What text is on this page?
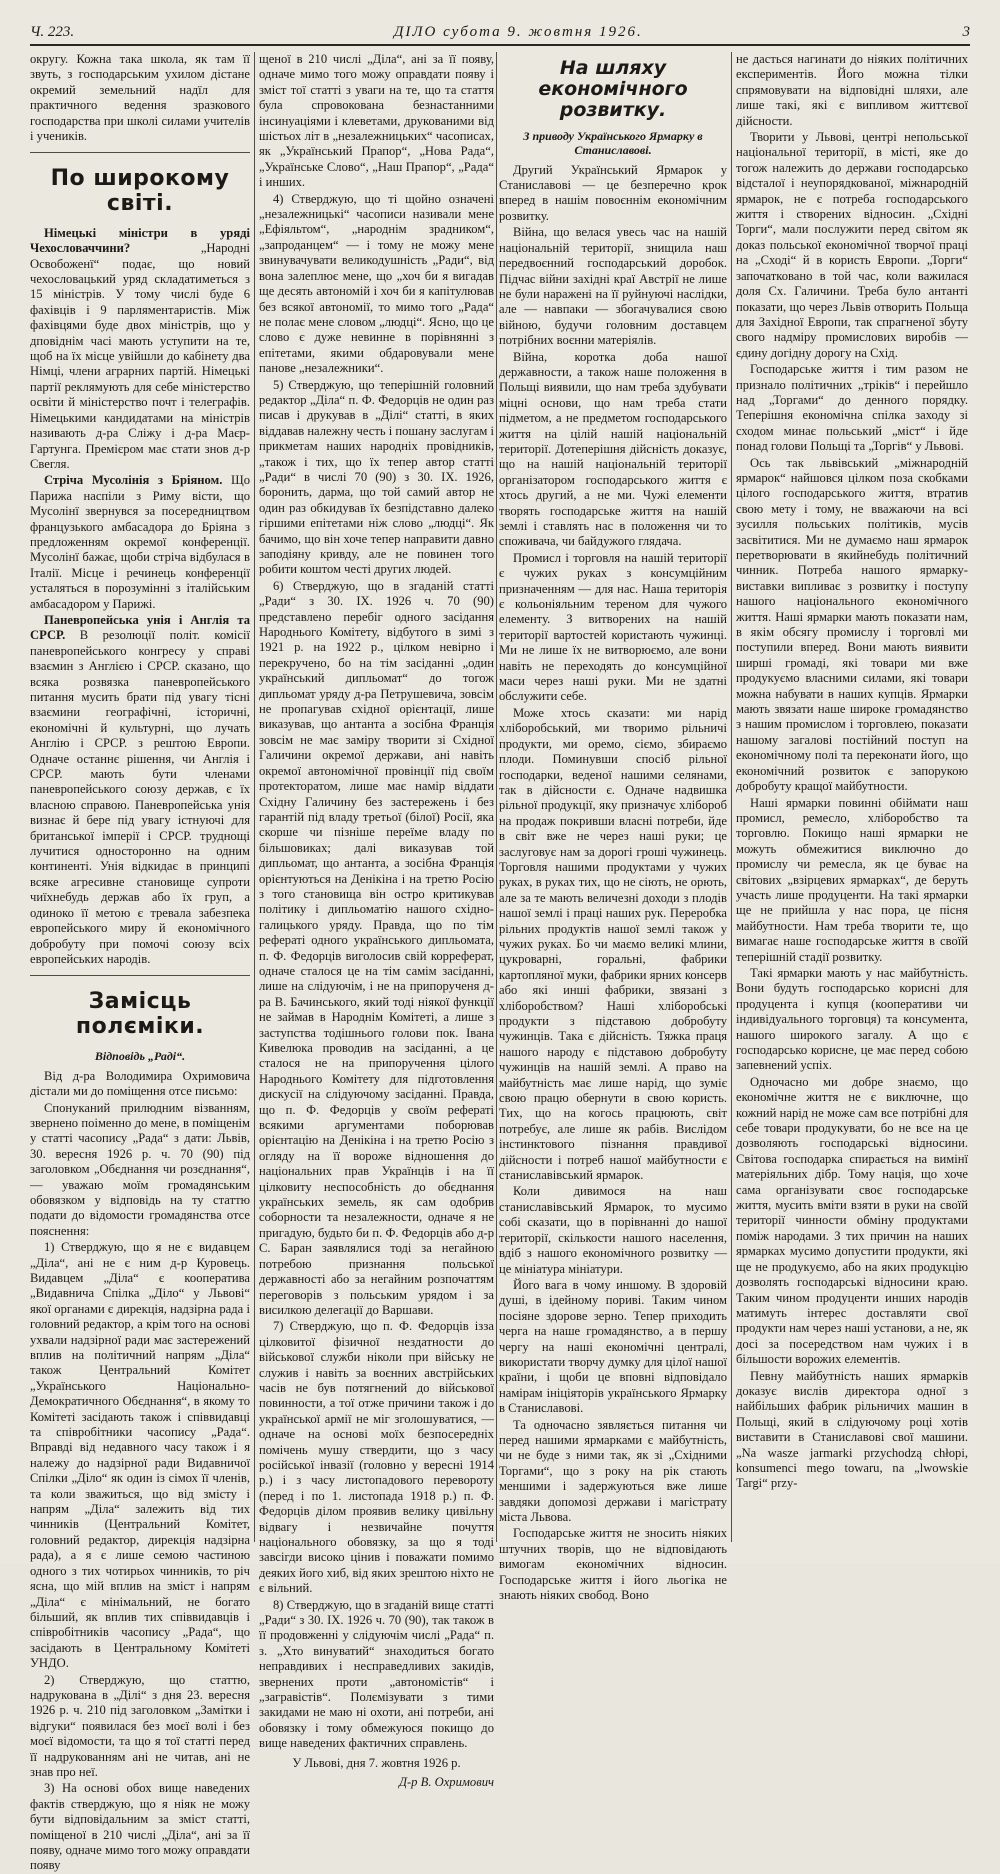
Ч. 223.	ДІЛО субота 9. жовтня 1926.	3

округу. Кожна така школа, як там її звуть, з господарським ухилом дістане окремий земельний надїл для практичного ведення зразкового господарства при школі силами учителів і учеників.

По широкому світі.

Німецькі міністри в уряді Чехословаччини? „Народні Освобоженї“ подає, що новий чехословацький уряд складатиметься з 15 міністрів. У тому числі буде 6 фахівців і 9 парляментаристів. Між фахівцями буде двох міністрів, що у дповіднім часі мають уступити на те, щоб на їх місце увійшли до кабінету два Німці, члени аграрних партій. Німецькі партії реклямують для себе міністерство освіти й міністерство почт і телеграфів. Німецькими кандидатами на міністрів називають д-ра Сліжу і д-ра Маєр-Гартунга. Премієром має стати знов д-р Свегля.

Стріча Мусолінія з Бріяном. Що Парижа наспіли з Риму вісти, що Мусолінї звернувся за посередництвом французького амбасадора до Бріяна з предложенням окремої конференції. Мусолінї бажає, щоби стріча відбулася в Італії. Місце і речинець конференції усталяться в порозумінні з італійським амбасадором у Парижі.

Паневропейська унія і Англія та СРСР. В резолюції політ. комісії паневропейського конгресу у справі взаємин з Англією і СРСР. сказано, що всяка розвязка паневропейського питання мусить брати під увагу тісні взаємини географічні, історичні, економічні й культурні, що лучать Англію і СРСР. з рештою Европи. Одначе останнє рішення, чи Англія і СРСР. мають бути членами паневропейського союзу держав, є їх власною справою. Паневропейська унія визнає й бере під увагу істнуючі для британської імперії і СРСР. труднощі лучитися односторонно на одним континенті. Унія відкидає в принципі всяке агресивне становище супроти чиїхнебудь держав або їх груп, а одиноко її метою є тревала забезпека европейського миру й економічного добробуту при помочі союзу всіх европейських народів.

Замісць полєміки.
Відповідь „Раді“.

Від д-ра Володимира Охримовича дістали ми до поміщення отсе письмо:

Спонуканий прилюдним візванням, звернено поіменно до мене, в поміщенім у статті часопису „Рада“ з дати: Львів, 30. вересня 1926 р. ч. 70 (90) під заголовком „Обєднання чи розєднання“, — уважаю моїм громадянським обовязком у відповідь на ту статтю подати до відомости громадянства отсе пояснення:

1) Стверджую, що я не є видавцем „Діла“, ані не є ним д-р Куровець. Видавцем „Діла“ є кооператива „Видавнича Спілка „Діло“ у Львові“ якої органами є дирекція, надзірна рада і головний редактор, а крім того на основі ухвали надзірної ради має застережений вплив на політичний напрям „Діла“ також Центральний Комітет „Українського Національно-Демократичного Обєднання“, в якому то Комітеті засідають також і співвидавці та співробітники часопису „Рада“. Вправді від недавного часу також і я належу до надзірної ради Видавничої Спілки „Діло“ як один із сімох її членів, та коли зважиться, що від змісту і напрям „Діла“ залежить від тих чинників (Центральний Комітет, головний редактор, дирекція надзірна рада), а я є лише семою частиною одного з тих чотирьох чинників, то річ ясна, що мій вплив на зміст і напрям „Діла“ є мінімальний, не богато більший, як вплив тих співвидавців і співробітників часопису „Рада“, що засідають в Центральному Комітеті УНДО.

2) Стверджую, що статтю, надрукована в „Ділі“ з дня 23. вересня 1926 р. ч. 210 під заголовком „Замітки і відгуки“ появилася без моєї волі і без моєї відомости, та що я тої статті перед її надрукованням ані не читав, ані не знав про неї.

3) На основі обох вище наведених фактів стверджую, що я ніяк не можу бути відповідальним за зміст статті, поміщеної в 210 числі „Діла“, ані за її появу, одначе мимо того можу оправдати появу

щеної в 210 числі „Діла“, ані за її появу, одначе мимо того можу оправдати появу і зміст тої статті з уваги на те, що та стаття була спровокована безнастанними інсинуаціями і клеветами, друкованими від шістьох літ в „незалежницьких“ часописах, як „Український Прапор“, „Нова Рада“, „Українське Слово“, „Наш Прапор“, „Рада“ і инших.

4) Стверджую, що ті щойно означені „незалежницькі“ часописи називали мене „Ефіяльтом“, „народнім зрадником“, „запроданцем“ — і тому не можу мене звинувачувати великодушність „Ради“, від вона залеплює мене, що „хоч би я вигадав ще десять автономій і хоч би я капітулював без всякої автономії, то мимо того „Рада“ не полає мене словом „людці“. Ясно, що це слово є дуже невинне в порівнянні з епітетами, якими обдаровували мене панове „незалежники“.

5) Стверджую, що теперішній головний редактор „Діла“ п. Ф. Федорців не один раз писав і друкував в „Ділі“ статті, в яких віддавав належну честь і пошану заслугам і прикметам наших народніх провідників, „також і тих, що їх тепер автор статті „Ради“ в числі 70 (90) з 30. IX. 1926, боронить, дарма, що той самий автор не один раз обкидував їх безпідставно далеко гіршими епітетами ніж слово „людці“. Як бачимо, що він хоче тепер направити давно заподіяну кривду, але не повинен того робити коштом честі других людей.

6) Стверджую, що в згаданій статті „Ради“ з 30. IX. 1926 ч. 70 (90) представлено перебіг одного засідання Народнього Комітету, відбутого в зимі з 1921 р. на 1922 р., цілком невірно і перекручено, бо на тім засіданні „один український дипльомат“ до тогож дипльомат уряду д-ра Петрушевича, зовсім не пропагував східної орієнтації, лише виказував, що антанта а зосібна Франція зовсім не має заміру творити зі Східної Галичини окремої держави, ані навіть окремої автономічної провінції під своїм протекторатом, лише має намір віддати Східну Галичину без застережень і без гарантій під владу третьої (білої) Росії, яка скорше чи пізніше переїме владу по більшовиках; далі виказував той дипльомат, що антанта, а зосібна Франція орієнтуються на Денікіна і на третю Росію з того становища він остро критикував політику і дипльоматію нашого східно-галицького уряду. Правда, що по тім рефераті одного українського дипльомата, п. Ф. Федорців виголосив свій корреферат, одначе сталося це на тім самім засіданні, лише на слідуючім, і не на припорученя д-ра В. Бачинського, який тоді ніякої функції не займав в Народнім Комітеті, а лише з заступства тодішнього голови пок. Івана Кивелюка проводив на засіданні, а це сталося не на припоручення цілого Народнього Комітету для підготовлення дискусії на слідуючому засіданні. Правда, що п. Ф. Федорців у своїм рефераті всякими аргументами поборював орієнтацію на Денікіна і на третю Росію з огляду на її вороже відношення до національних прав Українців і на її цілковиту неспособність до обєднання українських земель, як сам одобрив соборности та незалежности, одначе я не пригадую, будьто би п. Ф. Федорців або д-р С. Баран заявлялися тоді за негайною потребою признання польської державності або за негайним розпочаттям переговорів з польським урядом і за висилкою делегації до Варшави.

7) Стверджую, що п. Ф. Федорців ізза цілковитої фізичної нездатности до військової служби ніколи при війську не служив і навіть за воєнних австрійських часів не був потягнений до військової повинности, а тої отже причини також і до української армії не міг зголошуватися, — одначе на основі моїх безпосередніх помічень мушу ствердити, що з часу російської інвазії (головно у вересні 1914 р.) і з часу листопадового перевороту (перед і по 1. листопада 1918 р.) п. Ф. Федорців ділом проявив велику цивільну відвагу і незвичайне почуття національного обовязку, за що я тоді завсігди високо цінив і поважати помимо деяких його хиб, від яких зрештою ніхто не є вільний.

8) Стверджую, що в згаданій вище статті „Ради“ з 30. IX. 1926 ч. 70 (90), так також в її продовженні у слідуючім числі „Рада“ п. з. „Хто винуватий“ знаходиться богато неправдивих і несправедливих закидів, звернених проти „автономістів“ і „загравістів“. Полємізувати з тими закидами не маю ні охоти, ані потреби, ані обовязку і тому обмежуюся покищо до вище наведених фактичних справлень.

У Львові, дня 7. жовтня 1926 р.
Д-р В. Охримович
На шляху економічного розвитку.
З приводу Українського Ярмарку в Станиславові.

Другий Український Ярмарок у Станиславові — це безперечно крок вперед в нашім повоєннім економічним розвитку.

Війна, що велася увесь час на нашій національній території, знищила наш передвоєнний господарський доробок. Підчас війни західні краї Австрії не лише не були нараженi на її руйнуючі наслідки, але — навпаки — збогачувалися свою війною, будучи головним доставцем потрібних воєнни матеріялів.

Війна, коротка доба нашої державности, а також наше положення в Польщі виявили, що нам треба здубувати міцні основи, що нам треба стати підметом, а не предметом господарського життя на цілій нашій національній території. Дотеперішня дійсність доказує, що на нашій національній території організатором господарського життя є хтось другий, а не ми. Чужі елементи творять господарське життя на нашій землі і ставлять нас в положення чи то споживача, чи байдужого глядача.

Промисл і торговля на нашій території є чужих руках з консумційним призначенням — для нас. Наша територія є кольоніяльним тереном для чужого елементу. З витворених на нашій території вартостей користають чужинці. Ми не лише їх не витворюємо, але вони навіть не переходять до консумційної маси через наші руки. Ми не здатні обслужити себе.

Може хтось сказати: ми нарід хліборобський, ми творимо рільничі продукти, ми оремо, сіємо, збираємо плоди. Поминувши спосіб рільної господарки, веденої нашими селянами, так в дійсности є. Одначе надвишка рільної продукції, яку призначує хлібороб на продаж покривши власні потреби, йде в світ вже не через наші руки; це заслуговує нам за дорогі гроші чужинець. Торговля нашими продуктами у чужих руках, в руках тих, що не сіють, не орють, але за те мають величезні доходи з плодів нашої землі і праці наших рук. Переробка рільних продуктів нашої землі також у чужих руках. Бо чи маємо великі млини, цукроварні, горальні, фабрики картопляної муки, фабрики ярних консерв або які инші фабрики, звязані з хліборобством? Наші хліборобські продукти з підставою добробуту чужинців. Така є дійсність. Тяжка праця нашого народу є підставою добробуту чужинців на нашій землі. А право на майбутність має лише нарід, що зуміє свою працю обернути в свою користь. Тих, що на когось працюють, світ потребує, але лише як рабів. Вислідом інстинктового пізнання правдивої дійсности і потреб нашої майбутности є станиславівський ярмарок.

Коли дивимося на наш станиславівський Ярмарок, то мусимо собі сказати, що в порівнанні до нашої території, скількости нашого населення, вдіб з нашого економічного розвитку — це мініатура мініатури.

Його вага в чому иншому. В здоровій душі, в ідейному пориві. Таким чином посіяне здорове зерно. Тепер приходить черга на наше громадянство, а в першу чергу на наші економічні централі, використати творчу думку для цілої нашої країни, і щоби це вповні відповідало намірам ініціяторів українського Ярмарку в Станиславові.

Та одночасно зявляється питання чи перед нашими ярмарками є майбутність, чи не буде з ними так, як зі „Східними Торгами“, що з року на рік стають меншими і задержуються вже лише завдяки допомозі держави і магістрату міста Львова.

Господарське життя не зносить ніяких штучних творів, що не відповідають вимогам економічних відносин. Господарське життя і його льогіка не знають ніяких свобод. Воно

не дасться нагинати до ніяких політичних експериментів. Його можна тілки спрямовувати на відповідні шляхи, але лише такі, які є випливом життєвої дійсности.

Творити у Львові, центрі непольської національної території, в місті, яке до тогож належить до держави господарсько відсталої і неупорядкованої, міжнародній ярмарок, не є потреба господарського життя і створених відносин. „Східні Торги“, мали послужити перед світом як доказ польської економічної творчої праці на „Сході“ й в користь Европи. „Торги“ започатковано в той час, коли важилася доля Сх. Галичини. Треба було антанті показати, що через Львів отворить Польща для Західної Европи, так спрагненої збуту свого надміру промислових виробів — єдину догідну дорогу на Схід.

Господарське життя і тим разом не признало політичних „тріків“ і перейшло над „Торгами“ до денного порядку. Теперішня економічна спілка заходу зі сходом минає польський „міст“ і йде понад голови Польщі та „Торгів“ у Львові.

Ось так львівський „міжнародній ярмарок“ найшовся цілком поза скобками цілого господарського життя, втратив свою мету і тому, не вважаючи на всі зусилля польських політиків, мусів засвітитися. Ми не думаємо наш ярмарок перетворювати в якийнебудь політичний чинник. Потреба нашого ярмарку-виставки випливає з розвитку і поступу нашого національного економічного життя. Наші ярмарки мають показати нам, в якім обсягу промислу і торговлі ми поступили вперед. Вони мають виявити ширші громаді, які товари ми вже продукуємо власними силами, які товари можна набувати в наших купців. Ярмарки мають звязати наше широке громадянство з нашим промислом і торговлею, показати нашому загалові постійний поступ на економічному полі та переконати його, що економічний розвиток є запорукою добробуту кращої майбутности.

Наші ярмарки повинні обіймати наш промисл, ремесло, хліборобство та торговлю. Покищо наші ярмарки не можуть обмежитися виключно до промислу чи ремесла, як це буває на світових „взірцевих ярмарках“, де беруть участь лише продуценти. На такі ярмарки ще не прийшла у нас пора, це пісня майбутности. Нам треба творити те, що вимагає наше господарське життя в своїй теперішній стадії розвитку.

Такі ярмарки мають у нас майбутність. Вони будуть господарсько корисні для продуцента і купця (кооперативи чи індивідуального торговця) та консумента, нашого широкого загалу. А що є господарсько корисне, це має перед собою запевнений успіх.

Одночасно ми добре знаємо, що економічне життя не є виключне, що кожний нарід не може сам все потрібні для себе товари продукувати, бо не все на це дозволяють господарські відносини. Світова господарка спирається на вимінї матеріяльних дібр. Тому нація, що хоче сама організувати своє господарське життя, мусить вміти взяти в руки на своїй території чинности обміну продуктами поміж народами. З тих причин на наших ярмарках мусимо допустити продукти, які ще не продукуємо, або на яких продукцію дозволять господарські відносини краю. Таким чином продуценти инших народів матимуть інтерес доставляти свої продукти нам через наші установи, а не, як досі за посередством нам чужих і в більшости ворожих елементів.

Певну майбутність наших ярмарків доказує вислів директора одної з найбільших фабрик рільничих машин в Польщі, який в слідуючому році хотів виставити в Станиславові свої машини. „Na wasze jarmarki przychodzą chłopi, konsumenci mego towaru, na „lwowskie Targi“ przy-
